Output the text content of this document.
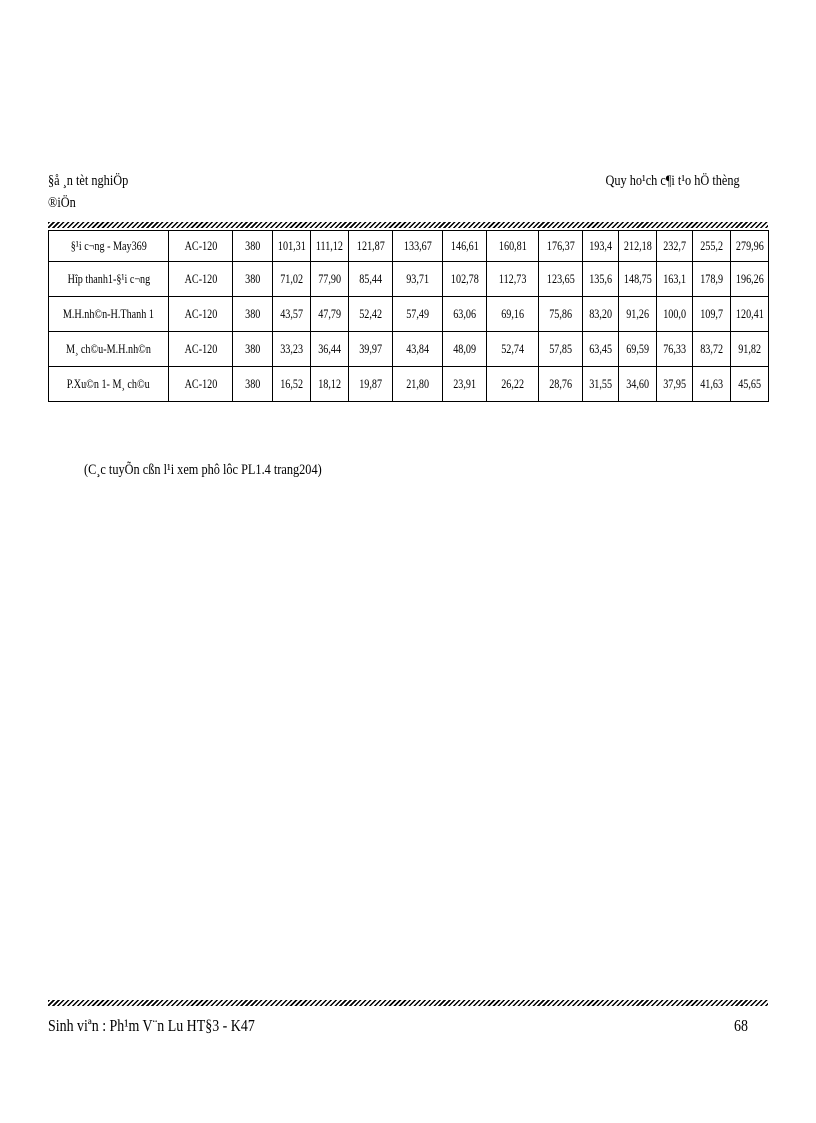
§å ¸n tèt nghiÖp
®iÖn
Quy ho¹ch c¶i t¹o hÖ thèng
§¹i c¬ng - May369	AC-120	380	101,31	111,12	121,87	133,67	146,61	160,81	176,37	193,4	212,18	232,7	255,2	279,96
Hîp thanh1-§¹i c¬ng	AC-120	380	71,02	77,90	85,44	93,71	102,78	112,73	123,65	135,6	148,75	163,1	178,9	196,26
M.H.nh©n-H.Thanh 1	AC-120	380	43,57	47,79	52,42	57,49	63,06	69,16	75,86	83,20	91,26	100,0	109,7	120,41
M¸ ch©u-M.H.nh©n	AC-120	380	33,23	36,44	39,97	43,84	48,09	52,74	57,85	63,45	69,59	76,33	83,72	91,82
P.Xu©n 1- M¸ ch©u	AC-120	380	16,52	18,12	19,87	21,80	23,91	26,22	28,76	31,55	34,60	37,95	41,63	45,65
(C¸c tuyÕn cßn l¹i xem phô lôc PL1.4 trang204)
Sinh viªn : Ph¹m V¨n Lu HT§3 - K47	68
